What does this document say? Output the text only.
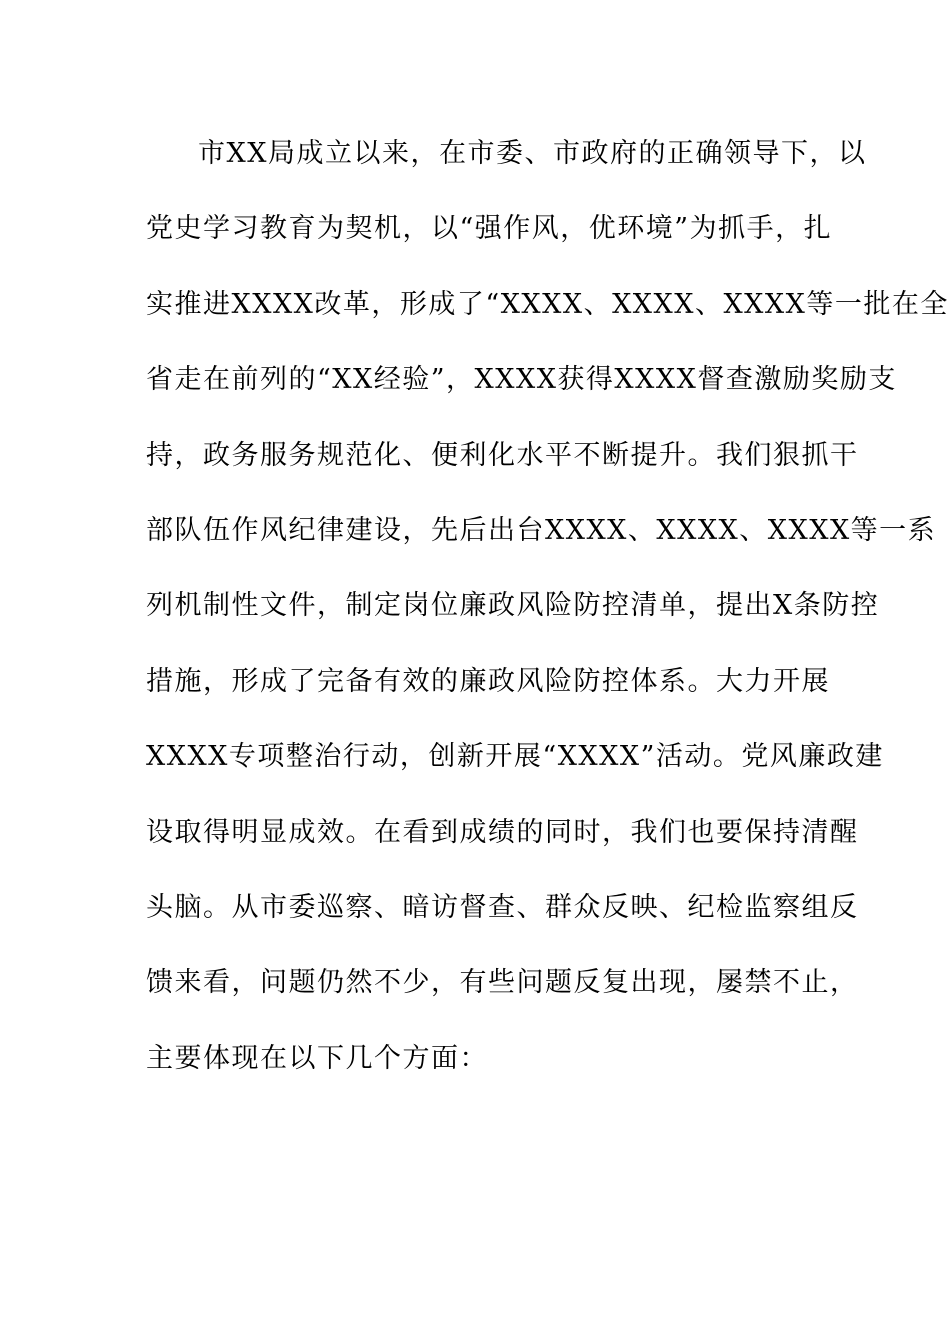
市XX局成立以来，在市委、市政府的正确领导下，以
党史学习教育为契机，以“强作风，优环境”为抓手，扎
实推进XXXX改革，形成了“XXXX、XXXX、XXXX等一批在全
省走在前列的“XX经验”，XXXX获得XXXX督查激励奖励支
持，政务服务规范化、便利化水平不断提升。我们狠抓干
部队伍作风纪律建设，先后出台XXXX、XXXX、XXXX等一系
列机制性文件，制定岗位廉政风险防控清单，提出X条防控
措施，形成了完备有效的廉政风险防控体系。大力开展
XXXX专项整治行动，创新开展“XXXX”活动。党风廉政建
设取得明显成效。在看到成绩的同时，我们也要保持清醒
头脑。从市委巡察、暗访督查、群众反映、纪检监察组反
馈来看，问题仍然不少，有些问题反复出现，屡禁不止，
主要体现在以下几个方面：
